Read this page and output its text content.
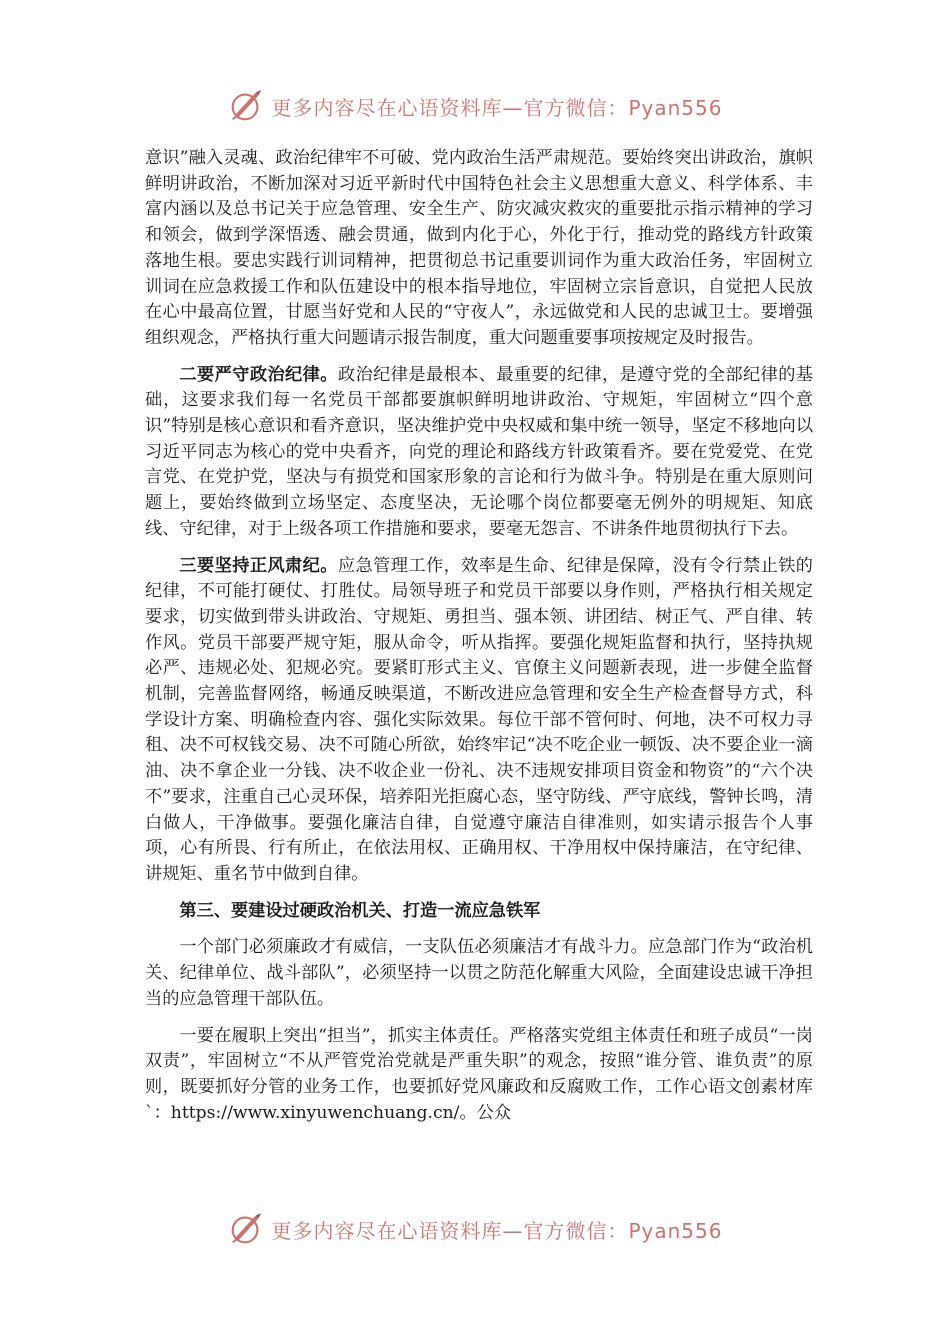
更多内容尽在心语资料库—官方微信：Pyan556

意识”融入灵魂、政治纪律牢不可破、党内政治生活严肃规范。要始终突出讲政治，旗帜鲜明讲政治，不断加深对习近平新时代中国特色社会主义思想重大意义、科学体系、丰富内涵以及总书记关于应急管理、安全生产、防灾减灾救灾的重要批示指示精神的学习和领会，做到学深悟透、融会贯通，做到内化于心，外化于行，推动党的路线方针政策落地生根。要忠实践行训词精神，把贯彻总书记重要训词作为重大政治任务，牢固树立训词在应急救援工作和队伍建设中的根本指导地位，牢固树立宗旨意识，自觉把人民放在心中最高位置，甘愿当好党和人民的“守夜人”，永远做党和人民的忠诚卫士。要增强组织观念，严格执行重大问题请示报告制度，重大问题重要事项按规定及时报告。

二要严守政治纪律。政治纪律是最根本、最重要的纪律，是遵守党的全部纪律的基础，这要求我们每一名党员干部都要旗帜鲜明地讲政治、守规矩，牢固树立“四个意识”特别是核心意识和看齐意识，坚决维护党中央权威和集中统一领导，坚定不移地向以习近平同志为核心的党中央看齐，向党的理论和路线方针政策看齐。要在党爱党、在党言党、在党护党，坚决与有损党和国家形象的言论和行为做斗争。特别是在重大原则问题上，要始终做到立场坚定、态度坚决，无论哪个岗位都要毫无例外的明规矩、知底线、守纪律，对于上级各项工作措施和要求，要毫无怨言、不讲条件地贯彻执行下去。

三要坚持正风肃纪。应急管理工作，效率是生命、纪律是保障，没有令行禁止铁的纪律，不可能打硬仗、打胜仗。局领导班子和党员干部要以身作则，严格执行相关规定要求，切实做到带头讲政治、守规矩、勇担当、强本领、讲团结、树正气、严自律、转作风。党员干部要严规守矩，服从命令，听从指挥。要强化规矩监督和执行，坚持执规必严、违规必处、犯规必究。要紧盯形式主义、官僚主义问题新表现，进一步健全监督机制，完善监督网络，畅通反映渠道，不断改进应急管理和安全生产检查督导方式，科学设计方案、明确检查内容、强化实际效果。每位干部不管何时、何地，决不可权力寻租、决不可权钱交易、决不可随心所欲，始终牢记“决不吃企业一顿饭、决不要企业一滴油、决不拿企业一分钱、决不收企业一份礼、决不违规安排项目资金和物资”的“六个决不”要求，注重自己心灵环保，培养阳光拒腐心态，坚守防线、严守底线，警钟长鸣，清白做人，干净做事。要强化廉洁自律，自觉遵守廉洁自律准则，如实请示报告个人事项，心有所畏、行有所止，在依法用权、正确用权、干净用权中保持廉洁，在守纪律、讲规矩、重名节中做到自律。

第三、要建设过硬政治机关、打造一流应急铁军

一个部门必须廉政才有威信，一支队伍必须廉洁才有战斗力。应急部门作为“政治机关、纪律单位、战斗部队”，必须坚持一以贯之防范化解重大风险，全面建设忠诚干净担当的应急管理干部队伍。

一要在履职上突出“担当”，抓实主体责任。严格落实党组主体责任和班子成员“一岗双责”，牢固树立“不从严管党治党就是严重失职”的观念，按照“谁分管、谁负责”的原则，既要抓好分管的业务工作，也要抓好党风廉政和反腐败工作，工作心语文创素材库`：https://www.xinyuwenchuang.cn/。公众

更多内容尽在心语资料库—官方微信：Pyan556
